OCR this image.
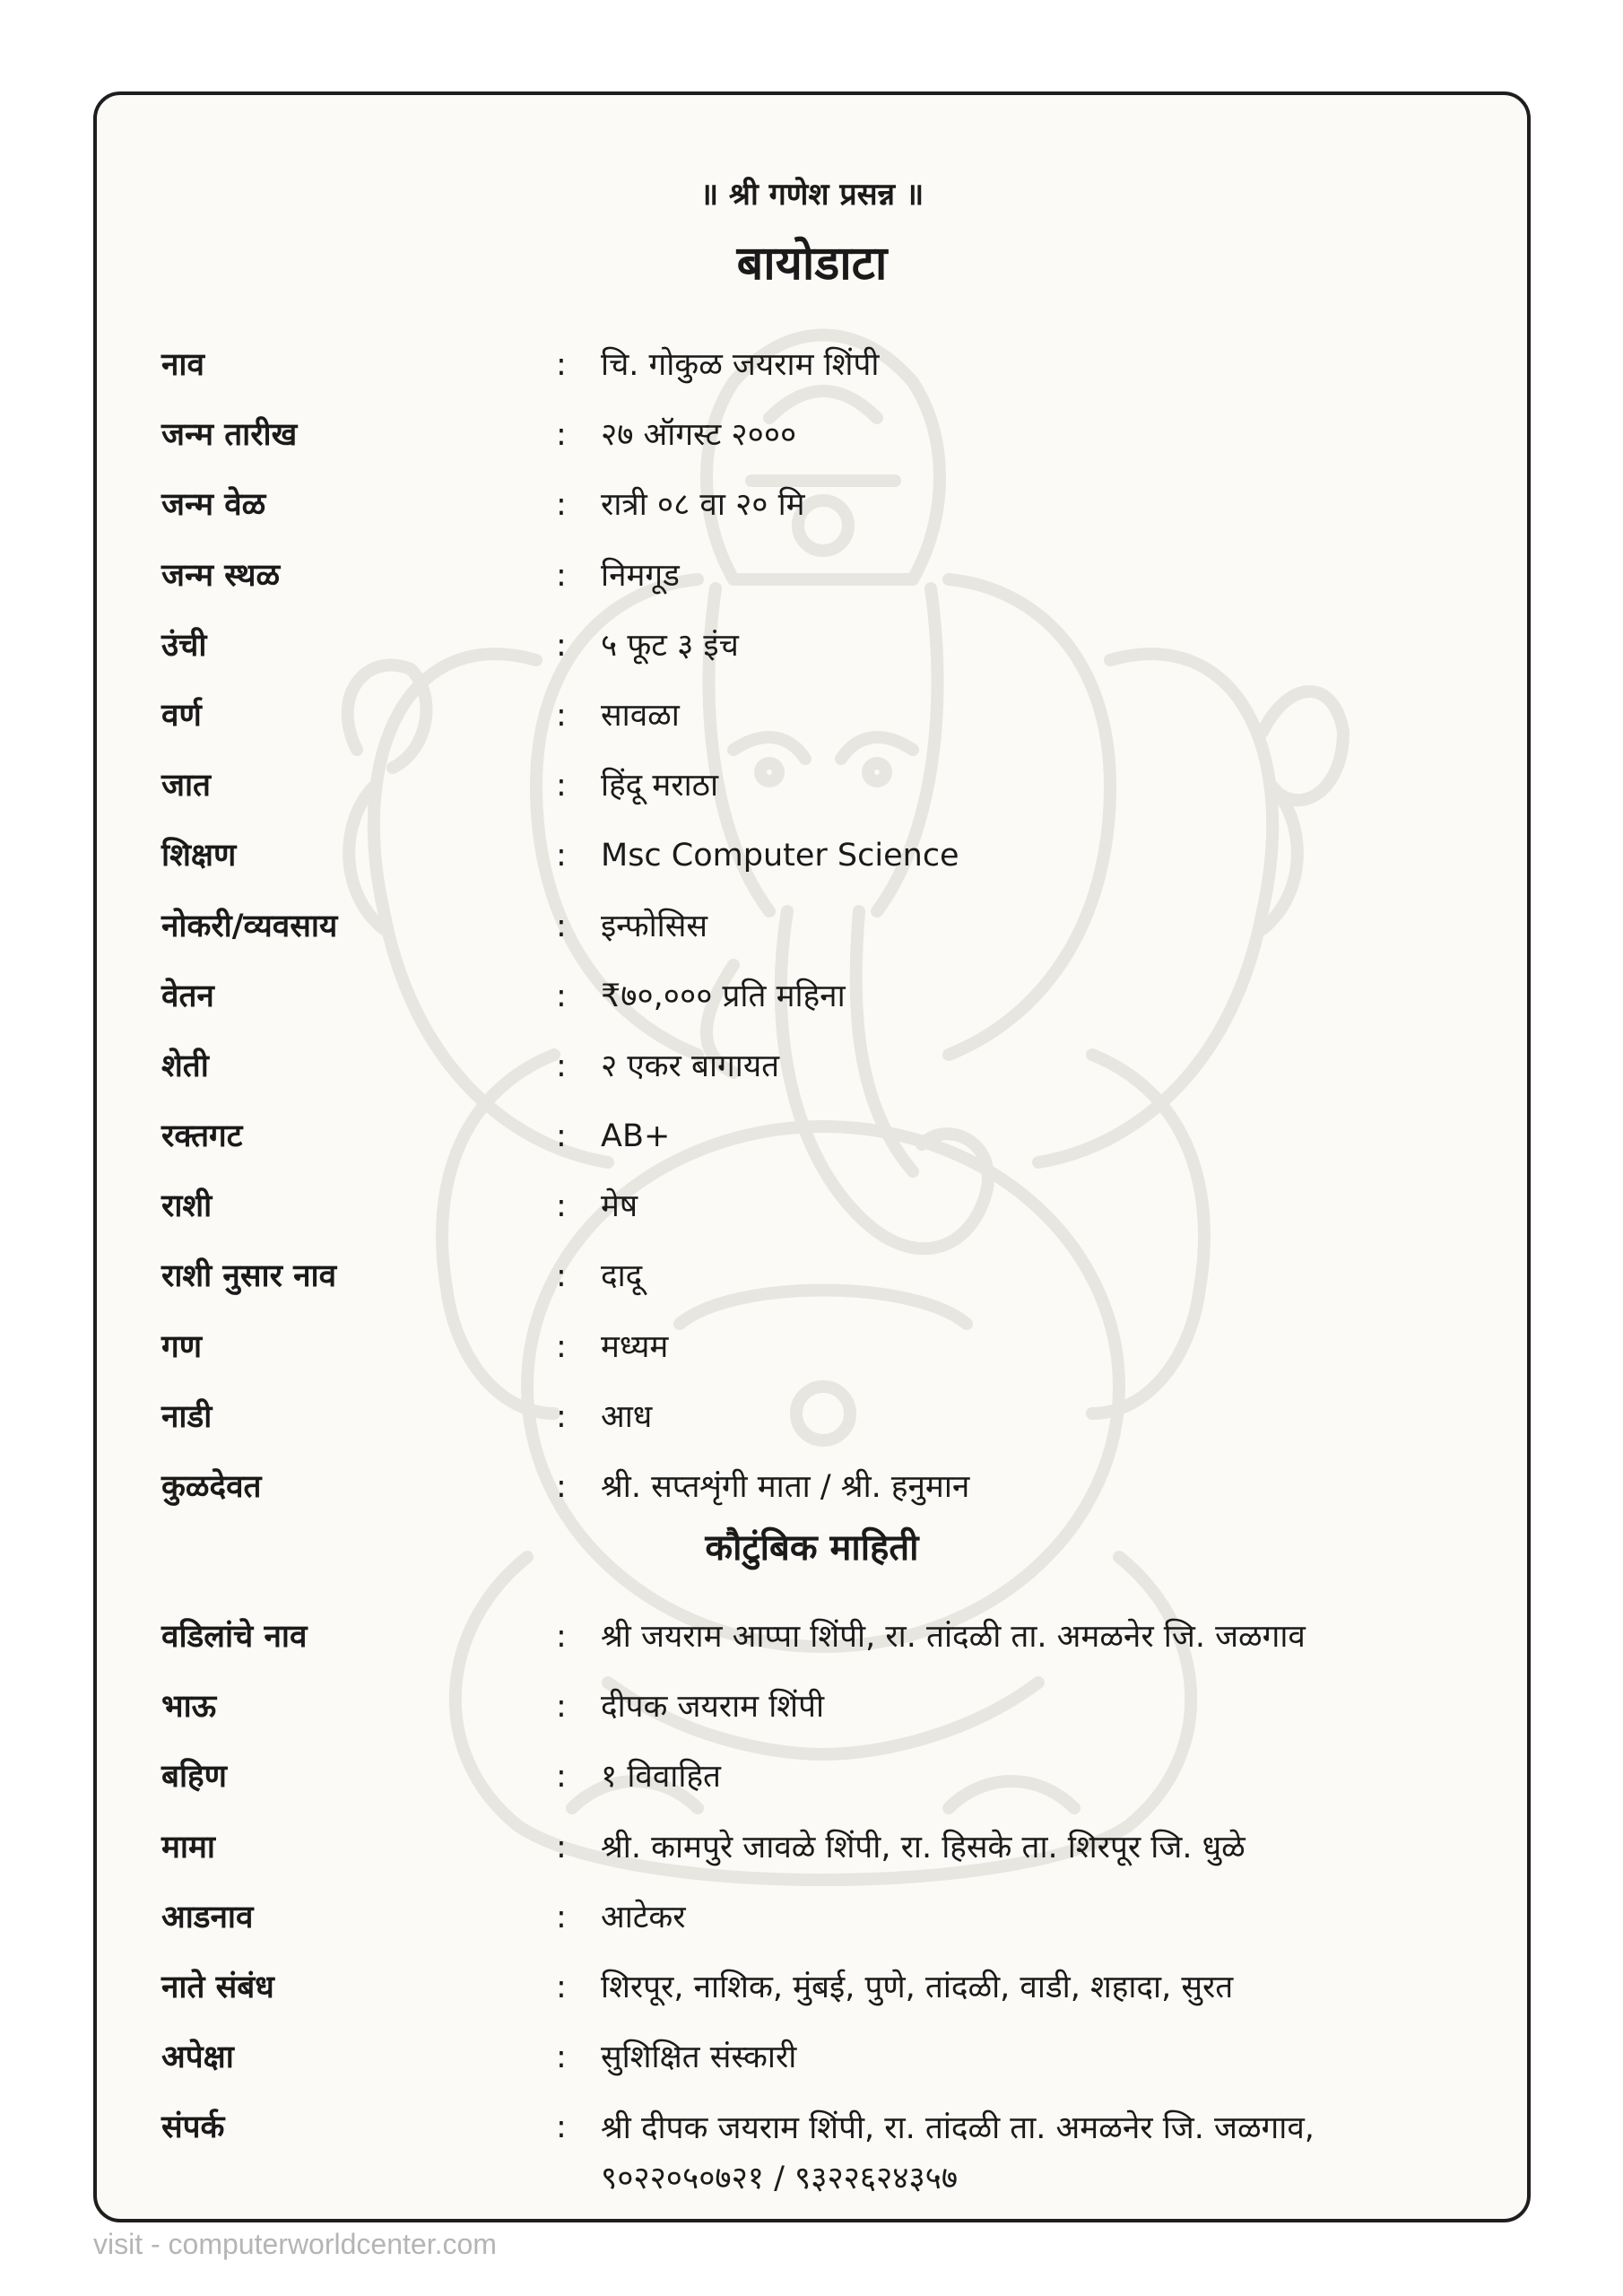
॥ श्री गणेश प्रसन्न ॥
बायोडाटा
नाव	: चि. गोकुळ जयराम शिंपी
जन्म तारीख	: २७ ऑगस्ट २०००
जन्म वेळ	: रात्री ०८ वा २० मि
जन्म स्थळ	: निमगूड
उंची	: ५ फूट ३ इंच
वर्ण	: सावळा
जात	: हिंदू मराठा
शिक्षण	: Msc Computer Science
नोकरी/व्यवसाय	: इन्फोसिस
वेतन	: ₹७०,००० प्रति महिना
शेती	: २ एकर बागायत
रक्तगट	: AB+
राशी	: मेष
राशी नुसार नाव	: दादू
गण	: मध्यम
नाडी	: आध
कुळदेवत	: श्री. सप्तशृंगी माता / श्री. हनुमान
कौटुंबिक माहिती
वडिलांचे नाव	: श्री जयराम आप्पा शिंपी, रा. तांदळी ता. अमळनेर जि. जळगाव
भाऊ	: दीपक जयराम शिंपी
बहिण	: १ विवाहित
मामा	: श्री. कामपुरे जावळे शिंपी, रा. हिसके ता. शिरपूर जि. धुळे
आडनाव	: आटेकर
नाते संबंध	: शिरपूर, नाशिक, मुंबई, पुणे, तांदळी, वाडी, शहादा, सुरत
अपेक्षा	: सुशिक्षित संस्कारी
संपर्क	: श्री दीपक जयराम शिंपी, रा. तांदळी ता. अमळनेर जि. जळगाव,
९०२२०५०७२१ / ९३२२६२४३५७
visit - computerworldcenter.com
